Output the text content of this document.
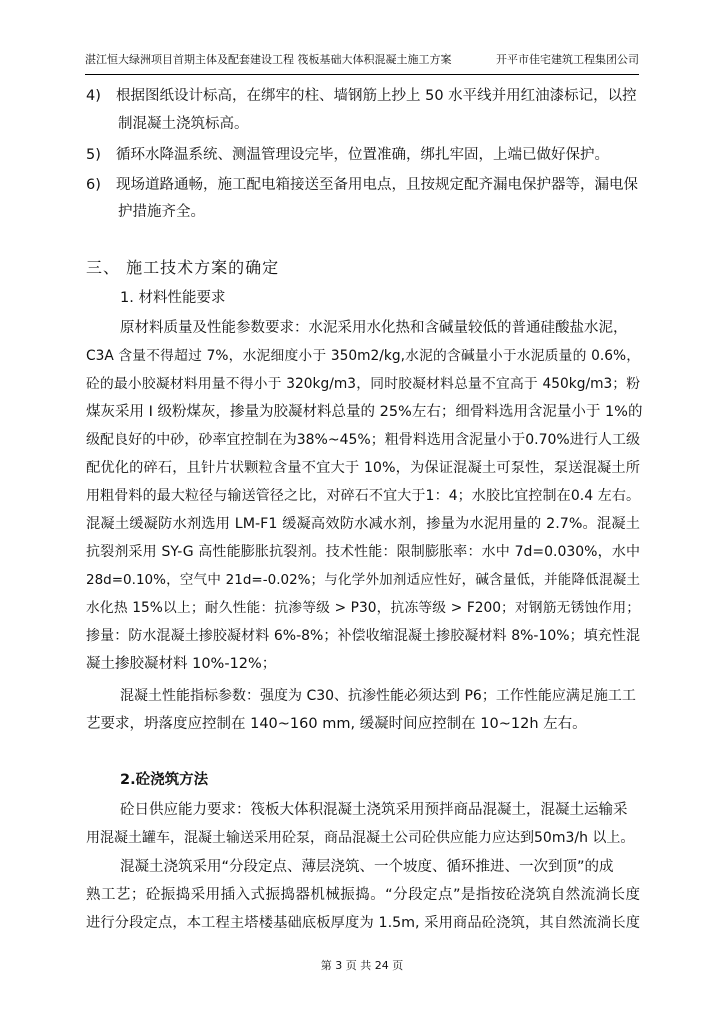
湛江恒大绿洲项目首期主体及配套建设工程 筏板基础大体积混凝土施工方案	开平市佳宅建筑工程集团公司
4) 根据图纸设计标高，在绑牢的柱、墙钢筋上抄上 50 水平线并用红油漆标记，以控
制混凝土浇筑标高。
5) 循环水降温系统、测温管理设完毕，位置准确，绑扎牢固，上端已做好保护。
6) 现场道路通畅，施工配电箱接送至备用电点，且按规定配齐漏电保护器等，漏电保
护措施齐全。
三、 施工技术方案的确定
1. 材料性能要求
原材料质量及性能参数要求：水泥采用水化热和含碱量较低的普通硅酸盐水泥，
C3A 含量不得超过 7%，水泥细度小于 350m2/kg,水泥的含碱量小于水泥质量的 0.6%，
砼的最小胶凝材料用量不得小于 320kg/m3，同时胶凝材料总量不宜高于 450kg/m3；粉
煤灰采用 I 级粉煤灰，掺量为胶凝材料总量的 25%左右；细骨料选用含泥量小于 1%的
级配良好的中砂，砂率宜控制在为38%~45%；粗骨料选用含泥量小于0.70%进行人工级
配优化的碎石，且针片状颗粒含量不宜大于 10%，为保证混凝土可泵性，泵送混凝土所
用粗骨料的最大粒径与输送管径之比，对碎石不宜大于1：4；水胶比宜控制在0.4 左右。
混凝土缓凝防水剂选用 LM-F1 缓凝高效防水减水剂，掺量为水泥用量的 2.7%。混凝土
抗裂剂采用 SY-G 高性能膨胀抗裂剂。技术性能：限制膨胀率：水中 7d=0.030%，水中
28d=0.10%，空气中 21d=-0.02%；与化学外加剂适应性好，碱含量低，并能降低混凝土
水化热 15%以上；耐久性能：抗渗等级 > P30，抗冻等级 > F200；对钢筋无锈蚀作用；
掺量：防水混凝土掺胶凝材料 6%-8%；补偿收缩混凝土掺胶凝材料 8%-10%；填充性混
凝土掺胶凝材料 10%-12%；
混凝土性能指标参数：强度为 C30、抗渗性能必须达到 P6；工作性能应满足施工工
艺要求，坍落度应控制在 140~160 mm, 缓凝时间应控制在 10~12h 左右。
2.砼浇筑方法
砼日供应能力要求：筏板大体积混凝土浇筑采用预拌商品混凝土，混凝土运输采
用混凝土罐车，混凝土输送采用砼泵，商品混凝土公司砼供应能力应达到50m3/h 以上。
混凝土浇筑采用“分段定点、薄层浇筑、一个坡度、循环推进、一次到顶”的成
熟工艺；砼振捣采用插入式振捣器机械振捣。“分段定点”是指按砼浇筑自然流淌长度
进行分段定点，本工程主塔楼基础底板厚度为 1.5m, 采用商品砼浇筑，其自然流淌长度
第 3 页 共 24 页
